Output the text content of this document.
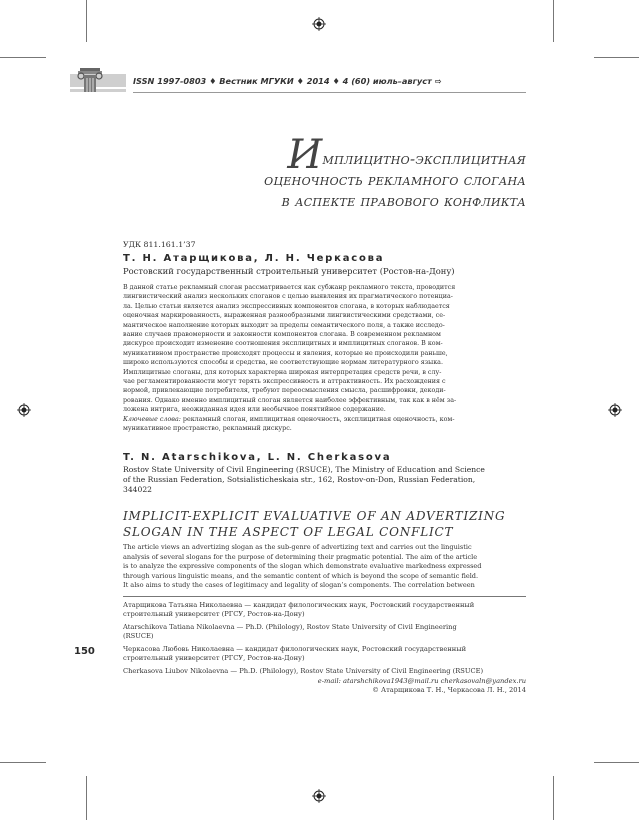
ISSN 1997-0803 ♦ Вестник МГУКИ ♦ 2014 ♦ 4 (60) июль–август ⇨
Имплицитно-эксплицитная
оценочность рекламного слогана
в аспекте правового конфликта
УДК 811.161.1’37
Т. Н. Атарщикова, Л. Н. Черкасова
Ростовский государственный строительный университет (Ростов-на-Дону)
В данной статье рекламный слоган рассматривается как субжанр рекламного текста, проводится
лингвистический анализ нескольких слоганов с целью выявления их прагматического потенциа-
ла. Целью статьи является анализ экспрессивных компонентов слогана, в которых наблюдается
оценочная маркированность, выраженная разнообразными лингвистическими средствами, се-
мантическое наполнение которых выходит за пределы семантического поля, а также исследо-
вание случаев правомерности и законности компонентов слогана. В современном рекламном
дискурсе происходит изменение соотношения эксплицитных и имплицитных слоганов. В ком-
муникативном пространстве происходят процессы и явления, которые не происходили раньше,
широко используются способы и средства, не соответствующие нормам литературного языка.
Имплицитные слоганы, для которых характерна широкая интерпретация средств речи, в слу-
чае регламентированности могут терять экспрессивность и аттрактивность. Их расхождения с
нормой, привлекающие потребителя, требуют переосмысления смысла, расшифровки, декоди-
рования. Однако именно имплицитный слоган является наиболее эффективным, так как в нём за-
ложена интрига, неожиданная идея или необычное понятийное содержание.
Ключевые слова: рекламный слоган, имплицитная оценочность, эксплицитная оценочность, ком-
муникативное пространство, рекламный дискурс.
T. N. Atarschikova, L. N. Cherkasova
Rostov State University of Civil Engineering (RSUCE), The Ministry of Education and Science
of the Russian Federation, Sotsialisticheskaia str., 162, Rostov-on-Don, Russian Federation,
344022
IMPLICIT-EXPLICIT EVALUATIVE OF AN ADVERTIZING
SLOGAN IN THE ASPECT OF LEGAL CONFLICT
The article views an advertizing slogan as the sub-genre of advertizing text and carries out the linguistic
analysis of several slogans for the purpose of determining their pragmatic potential. The aim of the article
is to analyze the expressive components of the slogan which demonstrate evaluative markedness expressed
through various linguistic means, and the semantic content of which is beyond the scope of semantic field.
It also aims to study the cases of legitimacy and legality of slogan’s components. The correlation between
Атарщикова Татьяна Николаевна — кандидат филологических наук, Ростовский государственный
строительный университет (РГСУ, Ростов-на-Дону)
Atarschikova Tatiana Nikolaevna — Ph.D. (Philology), Rostov State University of Civil Engineering
(RSUCE)
Черкасова Любовь Николаевна — кандидат филологических наук, Ростовский государственный
строительный университет (РГСУ, Ростов-на-Дону)
Cherkasova Liubov Nikolaevna — Ph.D. (Philology), Rostov State University of Civil Engineering (RSUCE)
e-mail: atarshchikova1943@mail.ru cherkasovaln@yandex.ru
© Атарщикова Т. Н., Черкасова Л. Н., 2014
150
